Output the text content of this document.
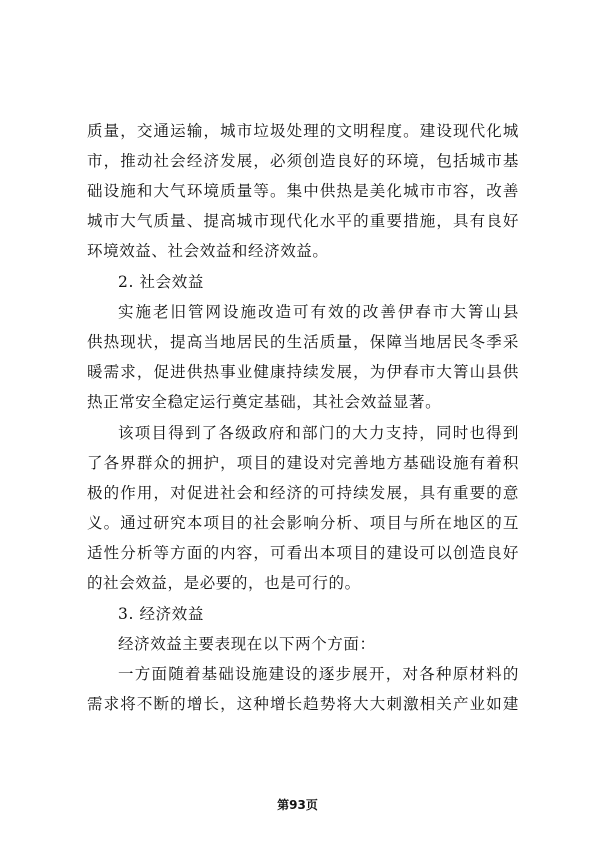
质量，交通运输，城市垃圾处理的文明程度。建设现代化城
市，推动社会经济发展，必须创造良好的环境，包括城市基
础设施和大气环境质量等。集中供热是美化城市市容，改善
城市大气质量、提高城市现代化水平的重要措施，具有良好
环境效益、社会效益和经济效益。
2. 社会效益
实施老旧管网设施改造可有效的改善伊春市大箐山县
供热现状，提高当地居民的生活质量，保障当地居民冬季采
暖需求，促进供热事业健康持续发展，为伊春市大箐山县供
热正常安全稳定运行奠定基础，其社会效益显著。
该项目得到了各级政府和部门的大力支持，同时也得到
了各界群众的拥护，项目的建设对完善地方基础设施有着积
极的作用，对促进社会和经济的可持续发展，具有重要的意
义。通过研究本项目的社会影响分析、项目与所在地区的互
适性分析等方面的内容，可看出本项目的建设可以创造良好
的社会效益，是必要的，也是可行的。
3. 经济效益
经济效益主要表现在以下两个方面：
一方面随着基础设施建设的逐步展开，对各种原材料的
需求将不断的增长，这种增长趋势将大大刺激相关产业如建
第93页
